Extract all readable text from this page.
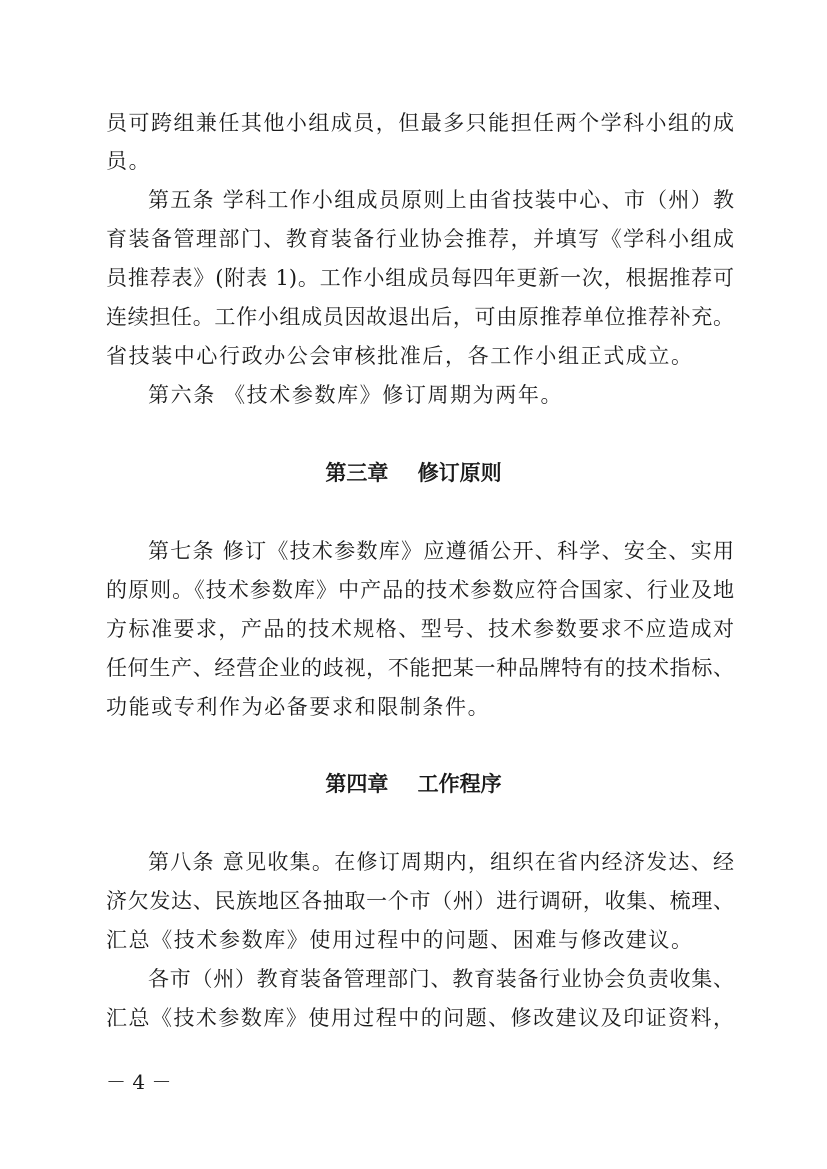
员可跨组兼任其他小组成员，但最多只能担任两个学科小组的成
员。
第五条 学科工作小组成员原则上由省技装中心、市（州）教
育装备管理部门、教育装备行业协会推荐，并填写《学科小组成
员推荐表》(附表 1)。工作小组成员每四年更新一次，根据推荐可
连续担任。工作小组成员因故退出后，可由原推荐单位推荐补充。
省技装中心行政办公会审核批准后，各工作小组正式成立。
第六条 《技术参数库》修订周期为两年。
第三章    修订原则
第七条 修订《技术参数库》应遵循公开、科学、安全、实用
的原则。《技术参数库》中产品的技术参数应符合国家、行业及地
方标准要求，产品的技术规格、型号、技术参数要求不应造成对
任何生产、经营企业的歧视，不能把某一种品牌特有的技术指标、
功能或专利作为必备要求和限制条件。
第四章    工作程序
第八条 意见收集。在修订周期内，组织在省内经济发达、经
济欠发达、民族地区各抽取一个市（州）进行调研，收集、梳理、
汇总《技术参数库》使用过程中的问题、困难与修改建议。
各市（州）教育装备管理部门、教育装备行业协会负责收集、
汇总《技术参数库》使用过程中的问题、修改建议及印证资料，
－ 4 －
